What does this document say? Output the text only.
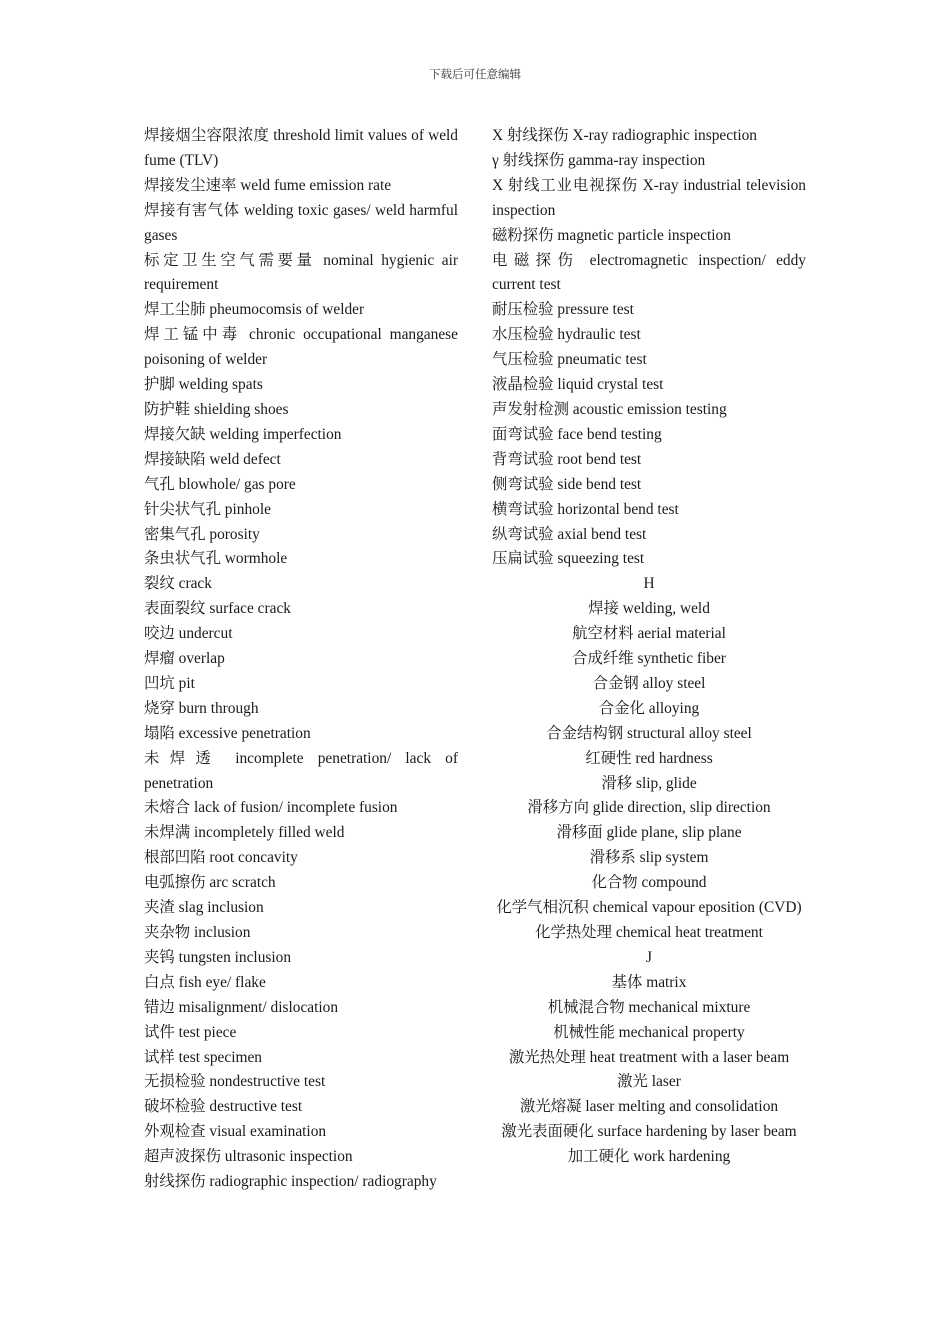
下载后可任意编辑
焊接烟尘容限浓度 threshold limit values of weld fume (TLV)
焊接发尘速率 weld fume emission rate
焊接有害气体 welding toxic gases/ weld harmful gases
标定卫生空气需要量 nominal hygienic air requirement
焊工尘肺 pheumocomsis of welder
焊工锰中毒 chronic occupational manganese poisoning of welder
护脚 welding spats
防护鞋 shielding shoes
焊接欠缺 welding imperfection
焊接缺陷 weld defect
气孔 blowhole/ gas pore
针尖状气孔 pinhole
密集气孔 porosity
条虫状气孔 wormhole
裂纹 crack
表面裂纹 surface crack
咬边 undercut
焊瘤 overlap
凹坑 pit
烧穿 burn through
塌陷 excessive penetration
未焊透 incomplete penetration/ lack of penetration
未熔合 lack of fusion/ incomplete fusion
未焊满 incompletely filled weld
根部凹陷 root concavity
电弧擦伤 arc scratch
夹渣 slag inclusion
夹杂物 inclusion
夹钨 tungsten inclusion
白点 fish eye/ flake
错边 misalignment/ dislocation
试件 test piece
试样 test specimen
无损检验 nondestructive test
破坏检验 destructive test
外观检查 visual examination
超声波探伤 ultrasonic inspection
射线探伤 radiographic inspection/ radiography
X 射线探伤 X-ray radiographic inspection
γ 射线探伤 gamma-ray inspection
X 射线工业电视探伤 X-ray industrial television inspection
磁粉探伤 magnetic particle inspection
电磁探伤 electromagnetic inspection/ eddy current test
耐压检验 pressure test
水压检验 hydraulic test
气压检验 pneumatic test
液晶检验 liquid crystal test
声发射检测 acoustic emission testing
面弯试验 face bend testing
背弯试验 root bend test
侧弯试验 side bend test
横弯试验 horizontal bend test
纵弯试验 axial bend test
压扁试验 squeezing test
H
焊接 welding, weld
航空材料 aerial material
合成纤维 synthetic fiber
合金钢 alloy steel
合金化 alloying
合金结构钢 structural alloy steel
红硬性 red hardness
滑移 slip, glide
滑移方向 glide direction, slip direction
滑移面 glide plane, slip plane
滑移系 slip system
化合物 compound
化学气相沉积 chemical vapour eposition (CVD)
化学热处理 chemical heat treatment
J
基体 matrix
机械混合物 mechanical mixture
机械性能 mechanical property
激光热处理 heat treatment with a laser beam
激光 laser
激光熔凝 laser melting and consolidation
激光表面硬化 surface hardening by laser beam
加工硬化 work hardening
